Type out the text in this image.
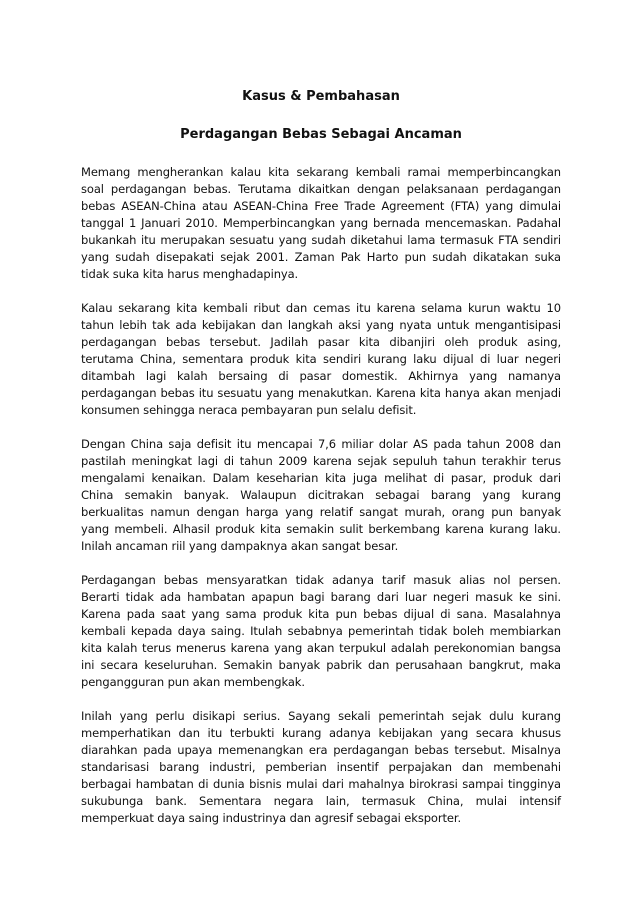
Kasus & Pembahasan
Perdagangan Bebas Sebagai Ancaman

Memang mengherankan kalau kita sekarang kembali ramai memperbincangkan soal perdagangan bebas. Terutama dikaitkan dengan pelaksanaan perdagangan bebas ASEAN-China atau ASEAN-China Free Trade Agreement (FTA) yang dimulai tanggal 1 Januari 2010. Memperbincangkan yang bernada mencemaskan. Padahal bukankah itu merupakan sesuatu yang sudah diketahui lama termasuk FTA sendiri yang sudah disepakati sejak 2001. Zaman Pak Harto pun sudah dikatakan suka tidak suka kita harus menghadapinya.

Kalau sekarang kita kembali ribut dan cemas itu karena selama kurun waktu 10 tahun lebih tak ada kebijakan dan langkah aksi yang nyata untuk mengantisipasi perdagangan bebas tersebut. Jadilah pasar kita dibanjiri oleh produk asing, terutama China, sementara produk kita sendiri kurang laku dijual di luar negeri ditambah lagi kalah bersaing di pasar domestik. Akhirnya yang namanya perdagangan bebas itu sesuatu yang menakutkan. Karena kita hanya akan menjadi konsumen sehingga neraca pembayaran pun selalu defisit.

Dengan China saja defisit itu mencapai 7,6 miliar dolar AS pada tahun 2008 dan pastilah meningkat lagi di tahun 2009 karena sejak sepuluh tahun terakhir terus mengalami kenaikan. Dalam keseharian kita juga melihat di pasar, produk dari China semakin banyak. Walaupun dicitrakan sebagai barang yang kurang berkualitas namun dengan harga yang relatif sangat murah, orang pun banyak yang membeli. Alhasil produk kita semakin sulit berkembang karena kurang laku. Inilah ancaman riil yang dampaknya akan sangat besar.

Perdagangan bebas mensyaratkan tidak adanya tarif masuk alias nol persen. Berarti tidak ada hambatan apapun bagi barang dari luar negeri masuk ke sini. Karena pada saat yang sama produk kita pun bebas dijual di sana. Masalahnya kembali kepada daya saing. Itulah sebabnya pemerintah tidak boleh membiarkan kita kalah terus menerus karena yang akan terpukul adalah perekonomian bangsa ini secara keseluruhan. Semakin banyak pabrik dan perusahaan bangkrut, maka pengangguran pun akan membengkak.

Inilah yang perlu disikapi serius. Sayang sekali pemerintah sejak dulu kurang memperhatikan dan itu terbukti kurang adanya kebijakan yang secara khusus diarahkan pada upaya memenangkan era perdagangan bebas tersebut. Misalnya standarisasi barang industri, pemberian insentif perpajakan dan membenahi berbagai hambatan di dunia bisnis mulai dari mahalnya birokrasi sampai tingginya sukubunga bank. Sementara negara lain, termasuk China, mulai intensif memperkuat daya saing industrinya dan agresif sebagai eksporter.
